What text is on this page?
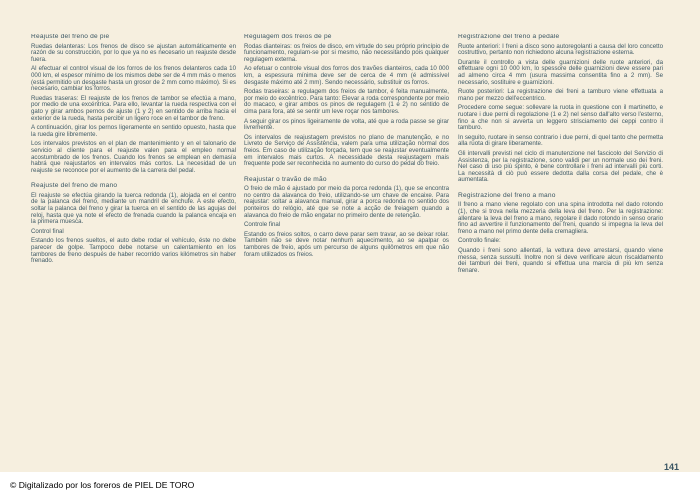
Reajuste del freno de pie

Ruedas delanteras: Los frenos de disco se ajustan automáticamente en razón de su construcción, por lo que ya no es necesario un reajuste desde fuera.

Al efectuar el control visual de los forros de los frenos delanteros cada 10 000 km, el espesor mínimo de los mismos debe ser de 4 mm más o menos (está permitido un desgaste hasta un grosor de 2 mm como máximo). Si es necesario, cambiar los forros.

Ruedas traseras: El reajuste de los frenos de tambor se efectúa a mano, por medio de una excéntrica. Para ello, levantar la rueda respectiva con el gato y girar ambos pernos de ajuste (1 y 2) en sentido de arriba hacia el exterior de la rueda, hasta percibir un ligero roce en el tambor de freno.

A continuación, girar los pernos ligeramente en sentido opuesto, hasta que la rueda gire libremente.

Los intervalos previstos en el plan de mantenimiento y en el talonario de servicio al cliente para el reajuste valen para el empleo normal acostumbrado de los frenos. Cuando los frenos se emplean en demasía habrá que reajustarlos en intervalos más cortos. La necesidad de un reajuste se reconoce por el aumento de la carrera del pedal.

Reajuste del freno de mano

El reajuste se efectúa girando la tuerca redonda (1), alojada en el centro de la palanca del freno, mediante un mandril de enchufe. A este efecto, soltar la palanca del freno y girar la tuerca en el sentido de las agujas del reloj, hasta que ya note el efecto de frenada cuando la palanca encaja en la primera muesca.

Control final

Estando los frenos sueltos, el auto debe rodar el vehículo, éste no debe parecer de golpe. Tampoco debe notarse un calentamiento en los tambores de freno después de haber recorrido varios kilómetros sin haber frenado.

Regulagem dos freios de pé

Rodas dianteiras: os freios de disco, em virtude do seu próprio princípio de funcionamento, regulam-se por si mesmo, não necessitando pois qualquer regulagem externa.

Ao efetuar o controle visual dos forros dos travões dianteiros, cada 10 000 km, a espessura mínima deve ser de cerca de 4 mm (é admissível desgaste máximo até 2 mm). Sendo necessário, substituir os forros.

Rodas traseiras: a regulagem dos freios de tambor, é feita manualmente, por meio do excêntrico. Para tanto: Elevar a roda correspondente por meio do macaco, e girar ambos os pinos de regulagem (1 e 2) no sentido de cima para fora, até se sentir um leve roçar nos tambores.

A seguir girar os pinos ligeiramente de volta, até que a roda passe se girar livremente.

Os intervalos de reajustagem previstos no plano de manutenção, e no Livreto de Serviço de Assistência, valem para uma utilização normal dos freios. Em caso de utilização forçada, tem que se reajustar eventualmente em intervalos mais curtos. A necessidade desta reajustagem mais frequente pode ser reconhecida no aumento do curso do pedal do freio.

Reajustar o travão de mão

O freio de mão é ajustado por meio da porca redonda (1), que se encontra no centro da alavanca do freio, utilizando-se um chave de encaixe. Para reajustar: soltar a alavanca manual, girar a porca redonda no sentido dos ponteiros do relógio, até que se note a acção de freiagem quando a alavanca do freio de mão engatar no primeiro dente de retenção.

Controle final

Estando os freios soltos, o carro deve parar sem travar, ao se deixar rolar. Também não se deve notar nenhum aquecimento, ao se apalpar os tambores de freio, após um percurso de alguns quilômetros em que não foram utilizados os freios.

Registrazione del freno a pedale

Ruote anteriori: I freni a disco sono autoregolanti a causa del loro concetto costruttivo, pertanto non richiedono alcuna registrazione esterna.

Durante il controllo a vista delle guarnizioni delle ruote anteriori, da effettuare ogni 10 000 km, lo spessore delle guarnizioni deve essere pari ad almeno circa 4 mm (usura massima consentita fino a 2 mm). Se necessario, sostituire e guarnizioni.

Ruote posteriori: La registrazione dei freni a tamburo viene effettuata a mano per mezzo dell'eccentrico.

Procedere come segue: sollevare la ruota in questione con il martinetto, e ruotare i due perni di regolazione (1 e 2) nel senso dall'alto verso l'esterno, fino a che non si avverta un leggero strisciamento dei ceppi contro il tamburo.

In seguito, ruotare in senso contrario i due perni, di quel tanto che permetta alla ruota di girare liberamente.

Gli intervalli previsti nel ciclo di manutenzione nel fascicolo del Servizio di Assistenza, per la registrazione, sono validi per un normale uso dei freni. Nel caso di uso più spinto, è bene controllare i freni ad intervalli più corti. La necessità di ciò può essere dedotta dalla corsa del pedale, che è aumentata.

Registrazione del freno a mano

Il freno a mano viene regolato con una spina introdotta nel dado rotondo (1), che si trova nella mezzeria della leva del freno. Per la registrazione: allentare la leva del freno a mano, regolare il dado rotondo in senso orario fino ad avvertire il funzionamento dei freni, quando si impegna la leva del freno a mano nel primo dente della cremagliera.

Controllo finale:

Quando i freni sono allentati, la vettura deve arrestarsi, quando viene messa, senza sussulti. Inoltre non si deve verificare alcun riscaldamento dei tamburi dei freni, quando si effettua una marcia di più km senza frenare.

141
© Digitalizado por los foreros de PIEL DE TORO
